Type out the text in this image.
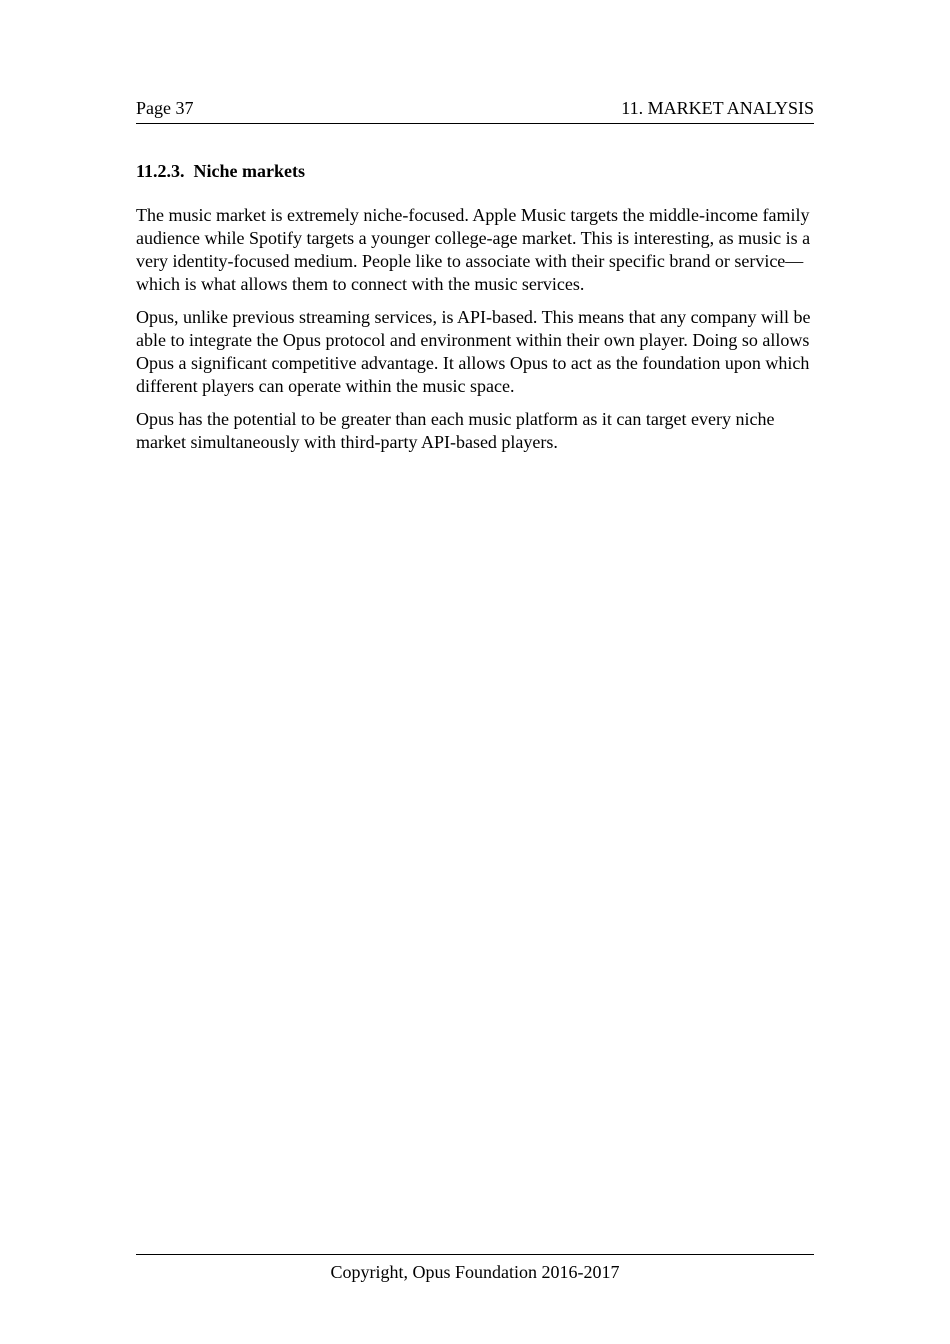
Page 37	11. MARKET ANALYSIS
11.2.3. Niche markets

The music market is extremely niche-focused. Apple Music targets the middle-income family audience while Spotify targets a younger college-age market. This is interesting, as music is a very identity-focused medium. People like to associate with their specific brand or service—which is what allows them to connect with the music services.

Opus, unlike previous streaming services, is API-based. This means that any company will be able to integrate the Opus protocol and environment within their own player. Doing so allows Opus a significant competitive advantage. It allows Opus to act as the foundation upon which different players can operate within the music space.

Opus has the potential to be greater than each music platform as it can target every niche market simultaneously with third-party API-based players.

Copyright, Opus Foundation 2016-2017
